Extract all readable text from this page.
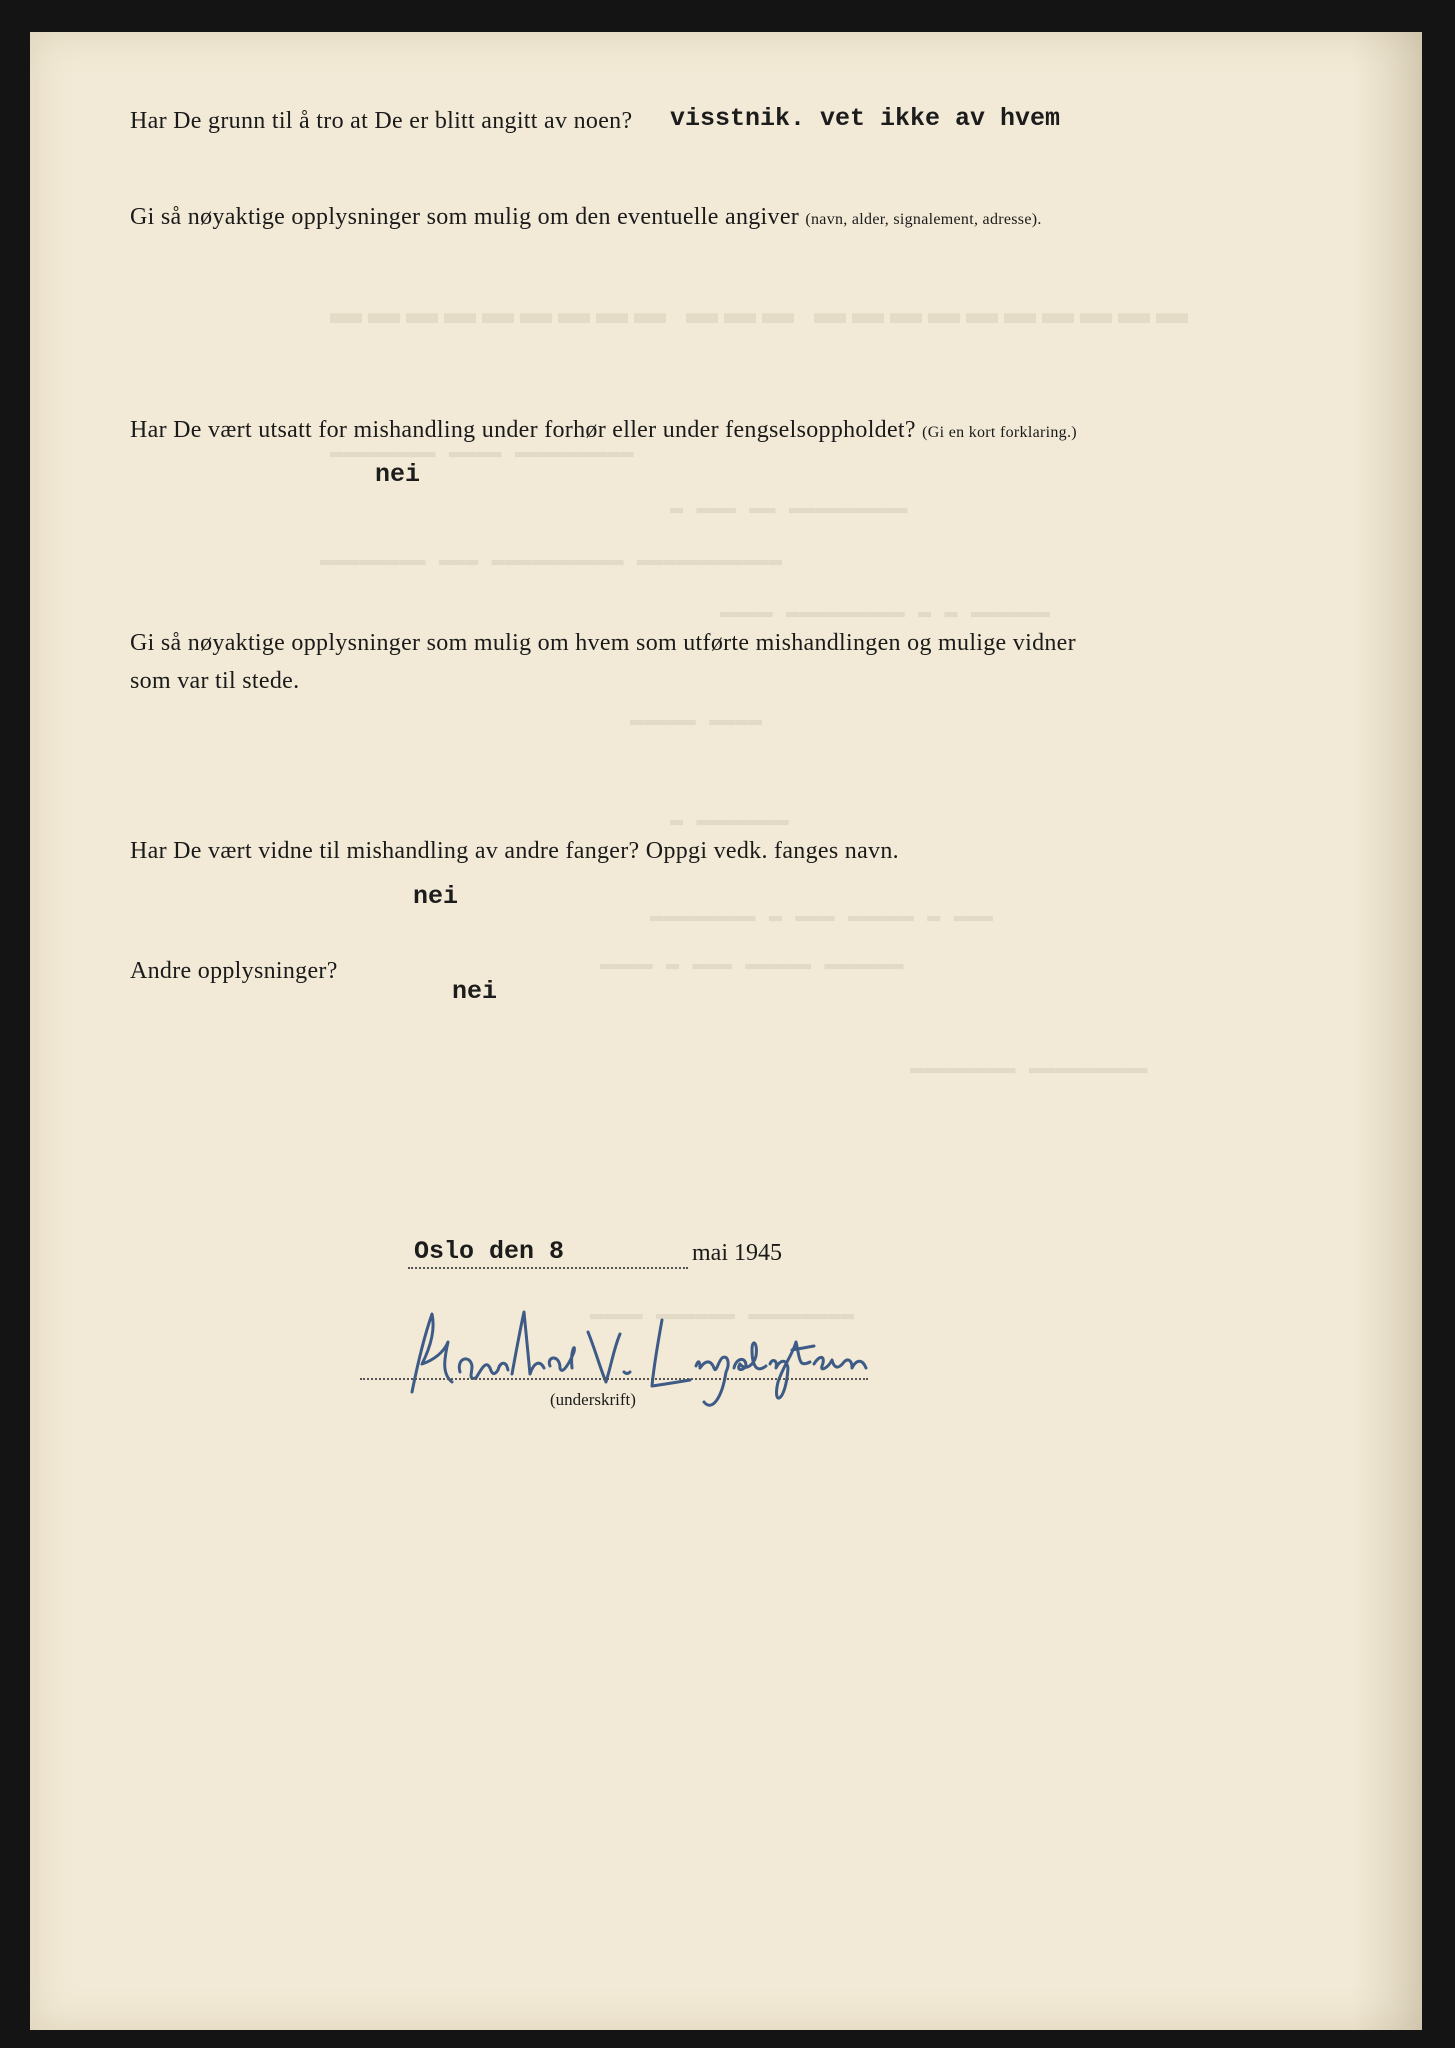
▬▬▬▬▬▬▬▬▬ ▬▬▬ ▬▬▬▬▬▬▬▬▬▬
▬▬▬▬▬▬▬▬ ▬▬▬▬ ▬▬▬▬▬▬▬▬▬
▬ ▬▬▬ ▬▬ ▬▬▬▬▬▬▬▬▬
▬▬▬▬▬▬▬▬ ▬▬▬ ▬▬▬▬▬▬▬▬▬▬ ▬▬▬▬▬▬▬▬▬▬▬
▬▬▬▬ ▬▬▬▬▬▬▬▬▬ ▬ ▬ ▬▬▬▬▬▬
▬▬▬▬▬ ▬▬▬▬
▬ ▬▬▬▬▬▬▬
▬▬▬▬▬▬▬▬ ▬ ▬▬▬ ▬▬▬▬▬ ▬ ▬▬▬
▬▬▬▬ ▬ ▬▬▬ ▬▬▬▬▬ ▬▬▬▬▬▬
▬▬▬▬▬▬▬▬ ▬▬▬▬▬▬▬▬▬
▬▬▬▬ ▬▬▬▬▬▬ ▬▬▬▬▬▬▬▬
Har De grunn til å tro at De er blitt angitt av noen? visstnik. vet ikke av hvem
Gi så nøyaktige opplysninger som mulig om den eventuelle angiver (navn, alder, signalement, adresse).
Har De vært utsatt for mishandling under forhør eller under fengselsoppholdet? (Gi en kort forklaring.)
nei
Gi så nøyaktige opplysninger som mulig om hvem som utførte mishandlingen og mulige vidner
som var til stede.
Har De vært vidne til mishandling av andre fanger? Oppgi vedk. fanges navn.
nei
Andre opplysninger?
nei
Oslo den 8	mai 1945
(underskrift)
